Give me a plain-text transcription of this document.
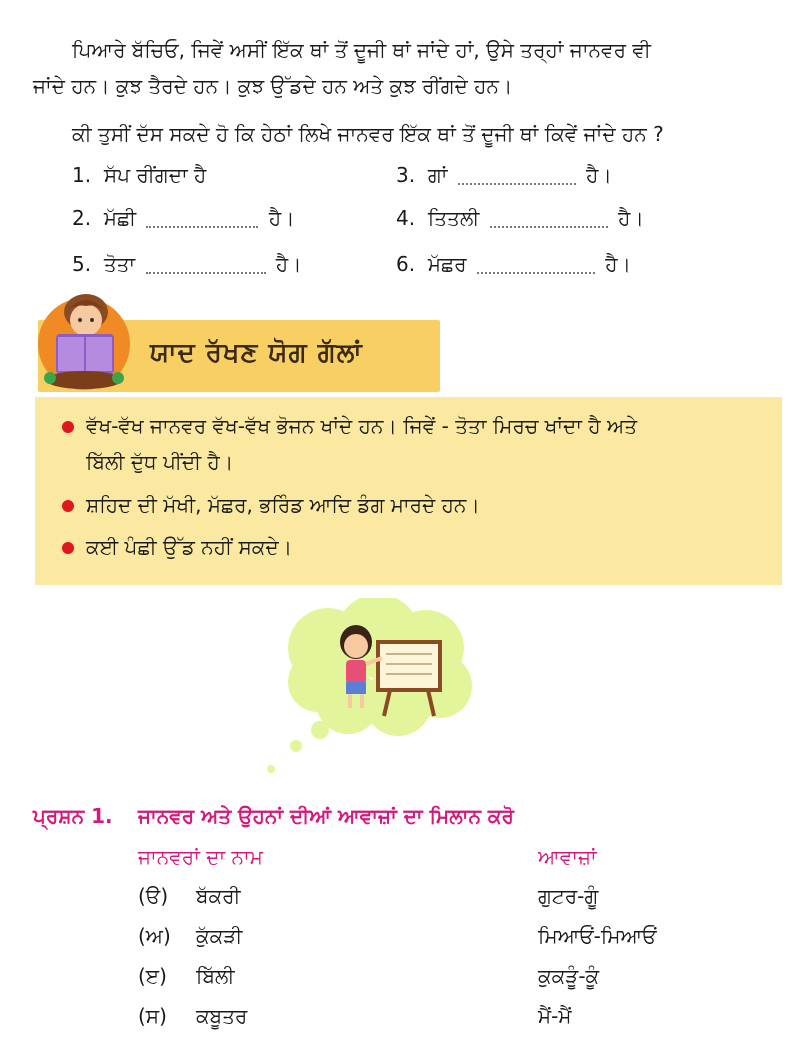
ਪਿਆਰੇ ਬੱਚਿਓ, ਜਿਵੇਂ ਅਸੀਂ ਇੱਕ ਥਾਂ ਤੋਂ ਦੂਜੀ ਥਾਂ ਜਾਂਦੇ ਹਾਂ, ਉਸੇ ਤਰ੍ਹਾਂ ਜਾਨਵਰ ਵੀ
ਜਾਂਦੇ ਹਨ। ਕੁਝ ਤੈਰਦੇ ਹਨ। ਕੁਝ ਉੱਡਦੇ ਹਨ ਅਤੇ ਕੁਝ ਰੀਂਗਦੇ ਹਨ।
ਕੀ ਤੁਸੀਂ ਦੱਸ ਸਕਦੇ ਹੋ ਕਿ ਹੇਠਾਂ ਲਿਖੇ ਜਾਨਵਰ ਇੱਕ ਥਾਂ ਤੋਂ ਦੂਜੀ ਥਾਂ ਕਿਵੇਂ ਜਾਂਦੇ ਹਨ ?
1. ਸੱਪ ਰੀਂਗਦਾ ਹੈ	3. ਗਾਂ	ਹੈ।
2. ਮੱਛੀ	ਹੈ।	4. ਤਿਤਲੀ	ਹੈ।
5. ਤੋਤਾ	ਹੈ।	6. ਮੱਛਰ	ਹੈ।
ਯਾਦ ਰੱਖਣ ਯੋਗ ਗੱਲਾਂ
ਵੱਖ-ਵੱਖ ਜਾਨਵਰ ਵੱਖ-ਵੱਖ ਭੋਜਨ ਖਾਂਦੇ ਹਨ। ਜਿਵੇਂ - ਤੋਤਾ ਮਿਰਚ ਖਾਂਦਾ ਹੈ ਅਤੇ
ਬਿੱਲੀ ਦੁੱਧ ਪੀਂਦੀ ਹੈ।
ਸ਼ਹਿਦ ਦੀ ਮੱਖੀ, ਮੱਛਰ, ਭਰਿੰਡ ਆਦਿ ਡੰਗ ਮਾਰਦੇ ਹਨ।
ਕਈ ਪੰਛੀ ਉੱਡ ਨਹੀਂ ਸਕਦੇ।
ਪ੍ਰਸ਼ਨ 1. ਜਾਨਵਰ ਅਤੇ ਉਹਨਾਂ ਦੀਆਂ ਆਵਾਜ਼ਾਂ ਦਾ ਮਿਲਾਨ ਕਰੋ
ਜਾਨਵਰਾਂ ਦਾ ਨਾਮ	ਆਵਾਜ਼ਾਂ
(ੳ) ਬੱਕਰੀ	ਗੁਟਰ-ਗੂੰ
(ਅ) ਕੁੱਕੜੀ	ਮਿਆਓਂ-ਮਿਆਓਂ
(ੲ) ਬਿੱਲੀ	ਕੁਕੜੂੰ-ਕੂੰ
(ਸ) ਕਬੂਤਰ	ਮੈਂ-ਮੈਂ
